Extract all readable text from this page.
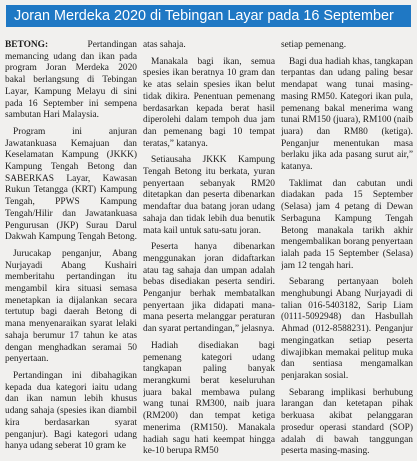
Joran Merdeka 2020 di Tebingan Layar pada 16 September

BETONG:	Pertandingan memancing udang dan ikan pada program Joran Merdeka 2020 bakal berlangsung di Tebingan Layar, Kampung Melayu di sini pada 16 September ini sempena sambutan Hari Malaysia.

Program ini anjuran Jawatankuasa Kemajuan dan Keselamatan Kampung (JKKK) Kampung Tengah Betong dan SABERKAS Layar, Kawasan Rukun Tetangga (KRT) Kampung Tengah, PPWS Kampung Tengah/Hilir dan Jawatankuasa Pengurusan (JKP) Surau Darul Dakwah Kampung Tengah Betong.

Jurucakap penganjur, Abang Nurjayadi Abang Kushairi memberitahu pertandingan itu mengambil kira situasi semasa menetapkan ia dijalankan secara tertutup bagi daerah Betong di mana menyenaraikan syarat lelaki sahaja berumur 17 tahun ke atas dengan menghadkan seramai 50 penyertaan.

Pertandingan ini dibahagikan kepada dua kategori iaitu udang dan ikan namun lebih khusus udang sahaja (spesies ikan diambil kira berdasarkan syarat penganjur). Bagi kategori udang hanya udang seberat 10 gram ke

atas sahaja.

Manakala bagi ikan, semua spesies ikan beratnya 10 gram dan ke atas selain spesies ikan belut tidak dikira. Penentuan pemenang berdasarkan kepada berat hasil diperolehi dalam tempoh dua jam dan pemenang bagi 10 tempat teratas,” katanya.

Setiausaha JKKK Kampung Tengah Betong itu berkata, yuran penyertaan sebanyak RM20 ditetapkan dan peserta dibenarkan mendaftar dua batang joran udang sahaja dan tidak lebih dua benutik mata kail untuk satu-satu joran.

Peserta hanya dibenarkan menggunakan joran didaftarkan atau tag sahaja dan umpan adalah bebas disediakan peserta sendiri. Penganjur berhak membatalkan penyertaan jika didapati mana-mana peserta melanggar peraturan dan syarat pertandingan,” jelasnya.

Hadiah disediakan bagi pemenang kategori udang tangkapan paling banyak merangkumi berat keseluruhan juara bakal membawa pulang wang tunai RM300, naib juara (RM200) dan tempat ketiga menerima (RM150). Manakala hadiah sagu hati keempat hingga ke-10 berupa RM50

setiap pemenang.

Bagi dua hadiah khas, tangkapan terpantas dan udang paling besar mendapat wang tunai masing-masing RM50. Kategori ikan pula, pemenang bakal menerima wang tunai RM150 (juara), RM100 (naib juara) dan RM80 (ketiga). Penganjur menentukan masa berlaku jika ada pasang surut air,” katanya.

Taklimat dan cabutan undi diadakan pada 15 September (Selasa) jam 4 petang di Dewan Serbaguna Kampung Tengah Betong manakala tarikh akhir mengembalikan borang penyertaan ialah pada 15 September (Selasa) jam 12 tengah hari.

Sebarang pertanyaan boleh menghubungi Abang Nurjayadi di talian 016-5403182, Sarip Liam (0111-5092948) dan Hasbullah Ahmad (012-8588231). Penganjur mengingatkan setiap peserta diwajibkan memakai pelitup muka dan sentiasa mengamalkan penjarakan sosial.

Sebarang implikasi berhubung larangan dan ketetapan pihak berkuasa akibat pelanggaran prosedur operasi standard (SOP) adalah di bawah tanggungan peserta masing-masing.
